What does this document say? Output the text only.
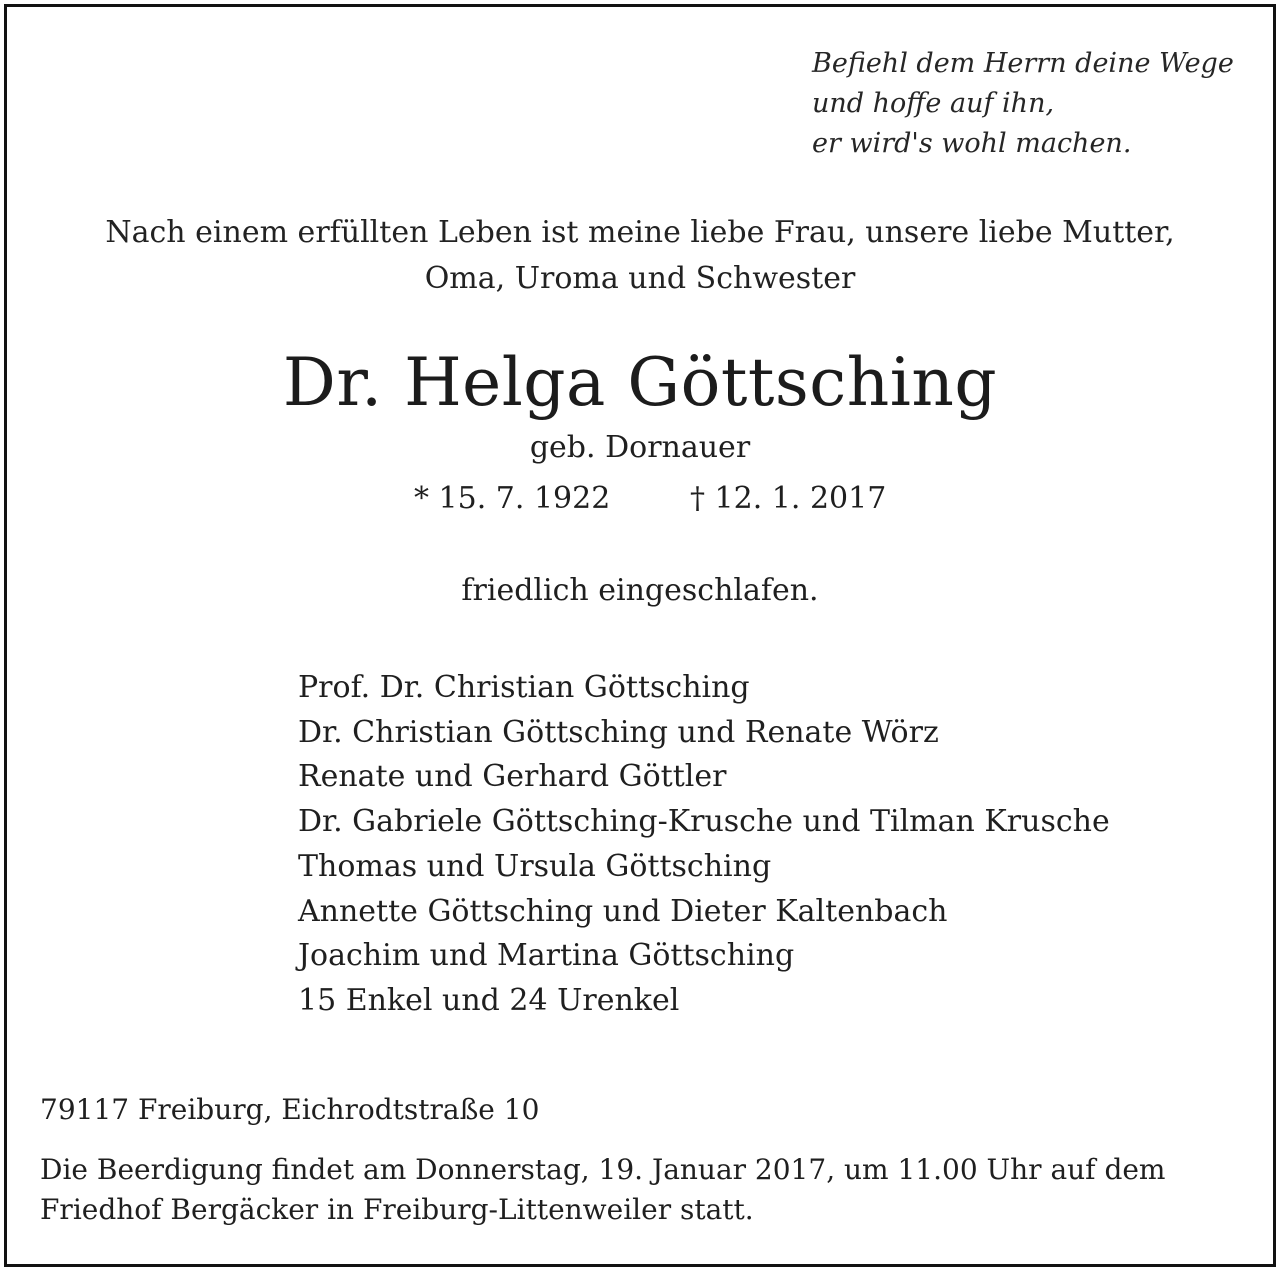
Befiehl dem Herrn deine Wege
und hoffe auf ihn,
er wird's wohl machen.
Nach einem erfüllten Leben ist meine liebe Frau, unsere liebe Mutter,
Oma, Uroma und Schwester
Dr. Helga Göttsching
geb. Dornauer
* 15. 7. 1922	† 12. 1. 2017
friedlich eingeschlafen.
Prof. Dr. Christian Göttsching
Dr. Christian Göttsching und Renate Wörz
Renate und Gerhard Göttler
Dr. Gabriele Göttsching-Krusche und Tilman Krusche
Thomas und Ursula Göttsching
Annette Göttsching und Dieter Kaltenbach
Joachim und Martina Göttsching
15 Enkel und 24 Urenkel
79117 Freiburg, Eichrodtstraße 10
Die Beerdigung findet am Donnerstag, 19. Januar 2017, um 11.00 Uhr auf dem
Friedhof Bergäcker in Freiburg-Littenweiler statt.
